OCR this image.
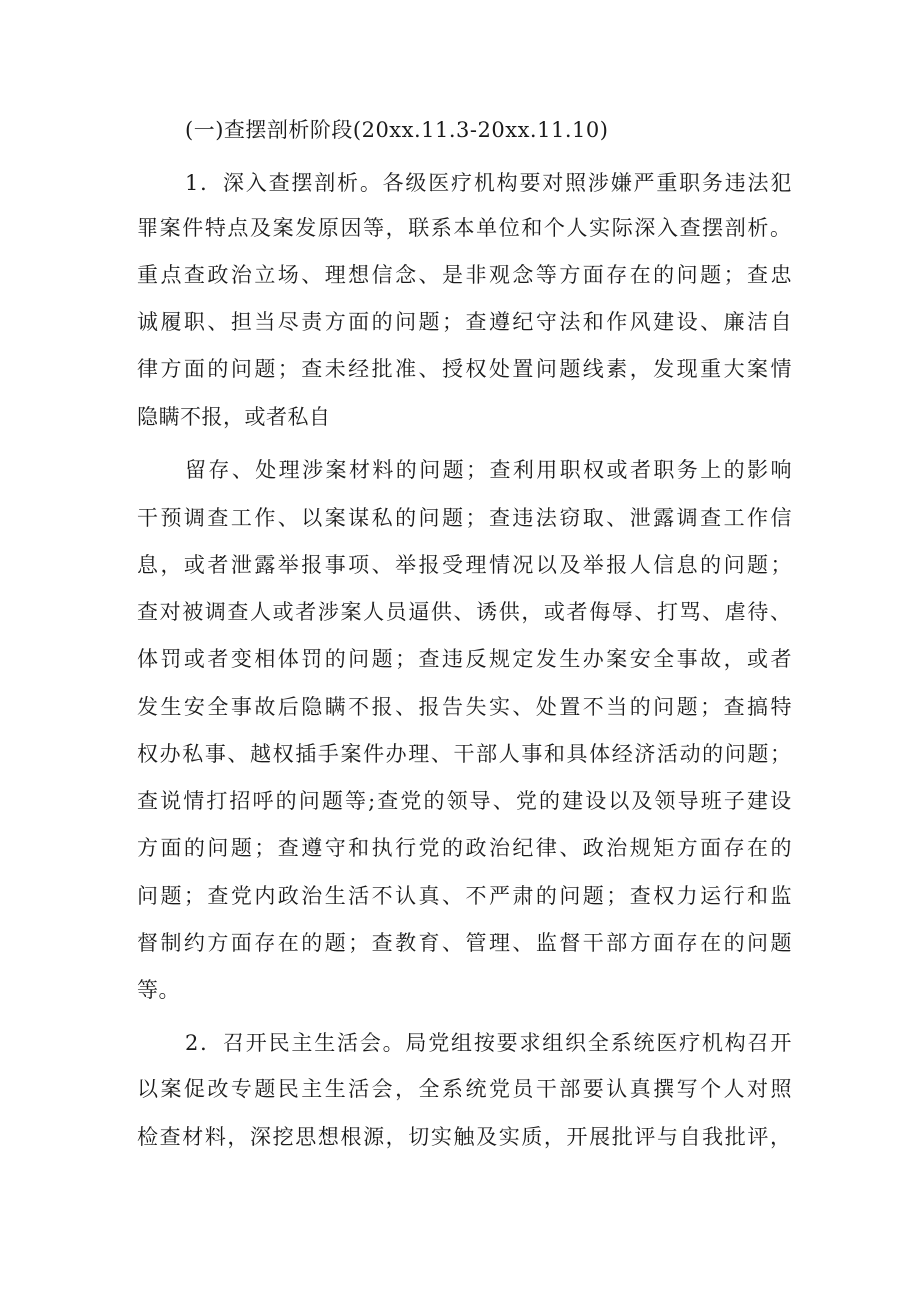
(一)查摆剖析阶段(20xx.11.3-20xx.11.10)
1．深入查摆剖析。各级医疗机构要对照涉嫌严重职务违法犯
罪案件特点及案发原因等，联系本单位和个人实际深入查摆剖析。
重点查政治立场、理想信念、是非观念等方面存在的问题；查忠
诚履职、担当尽责方面的问题；查遵纪守法和作风建设、廉洁自
律方面的问题；查未经批准、授权处置问题线素，发现重大案情
隐瞒不报，或者私自
留存、处理涉案材料的问题；查利用职权或者职务上的影响
干预调查工作、以案谋私的问题；查违法窃取、泄露调查工作信
息，或者泄露举报事项、举报受理情况以及举报人信息的问题；
查对被调查人或者涉案人员逼供、诱供，或者侮辱、打骂、虐待、
体罚或者变相体罚的问题；查违反规定发生办案安全事故，或者
发生安全事故后隐瞒不报、报告失实、处置不当的问题；查搞特
权办私事、越权插手案件办理、干部人事和具体经济活动的问题；
查说情打招呼的问题等;查党的领导、党的建设以及领导班子建设
方面的问题；查遵守和执行党的政治纪律、政治规矩方面存在的
问题；查党内政治生活不认真、不严肃的问题；查权力运行和监
督制约方面存在的题；查教育、管理、监督干部方面存在的问题
等。
2．召开民主生活会。局党组按要求组织全系统医疗机构召开
以案促改专题民主生活会，全系统党员干部要认真撰写个人对照
检查材料，深挖思想根源，切实触及实质，开展批评与自我批评，
